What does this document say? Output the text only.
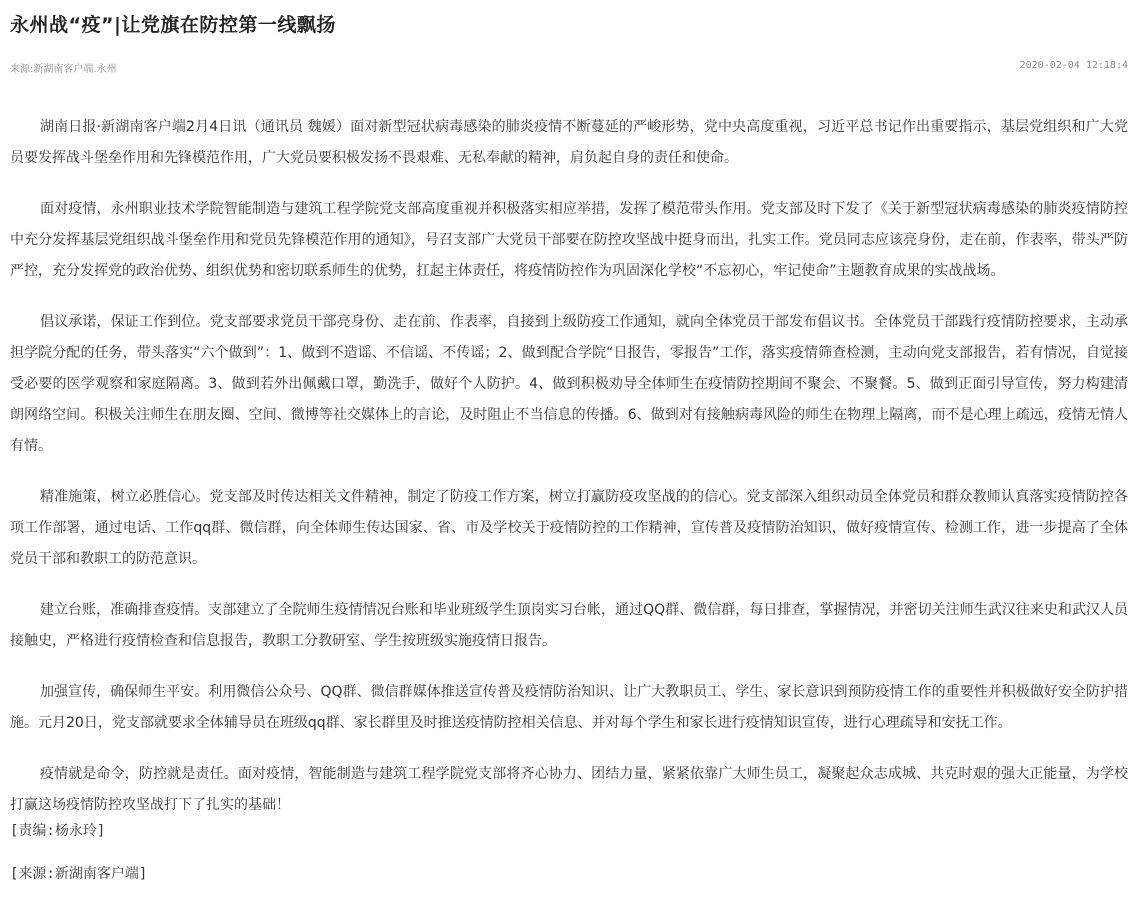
永州战“疫”|让党旗在防控第一线飘扬
来源:新湖南客户端.永州	2020-02-04 12:18:4

湖南日报·新湖南客户端2月4日讯（通讯员 魏媛）面对新型冠状病毒感染的肺炎疫情不断蔓延的严峻形势，党中央高度重视，习近平总书记作出重要指示，基层党组织和广大党员要发挥战斗堡垒作用和先锋模范作用，广大党员要积极发扬不畏艰难、无私奉献的精神，肩负起自身的责任和使命。

面对疫情，永州职业技术学院智能制造与建筑工程学院党支部高度重视并积极落实相应举措，发挥了模范带头作用。党支部及时下发了《关于新型冠状病毒感染的肺炎疫情防控中充分发挥基层党组织战斗堡垒作用和党员先锋模范作用的通知》，号召支部广大党员干部要在防控攻坚战中挺身而出，扎实工作。党员同志应该亮身份，走在前，作表率，带头严防严控，充分发挥党的政治优势、组织优势和密切联系师生的优势，扛起主体责任，将疫情防控作为巩固深化学校“不忘初心，牢记使命”主题教育成果的实战战场。

倡议承诺，保证工作到位。党支部要求党员干部亮身份、走在前、作表率，自接到上级防疫工作通知，就向全体党员干部发布倡议书。全体党员干部践行疫情防控要求，主动承担学院分配的任务，带头落实“六个做到”：1、做到不造谣、不信谣、不传谣；2、做到配合学院“日报告，零报告”工作，落实疫情筛查检测，主动向党支部报告，若有情况，自觉接受必要的医学观察和家庭隔离。3、做到若外出佩戴口罩，勤洗手，做好个人防护。4、做到积极劝导全体师生在疫情防控期间不聚会、不聚餐。5、做到正面引导宣传，努力构建清朗网络空间。积极关注师生在朋友圈、空间、微博等社交媒体上的言论，及时阻止不当信息的传播。6、做到对有接触病毒风险的师生在物理上隔离，而不是心理上疏远，疫情无情人有情。

精准施策，树立必胜信心。党支部及时传达相关文件精神，制定了防疫工作方案，树立打赢防疫攻坚战的的信心。党支部深入组织动员全体党员和群众教师认真落实疫情防控各项工作部署，通过电话、工作qq群、微信群，向全体师生传达国家、省、市及学校关于疫情防控的工作精神，宣传普及疫情防治知识，做好疫情宣传、检测工作，进一步提高了全体党员干部和教职工的防范意识。

建立台账，准确排查疫情。支部建立了全院师生疫情情况台账和毕业班级学生顶岗实习台帐，通过QQ群、微信群，每日排查，掌握情况，并密切关注师生武汉往来史和武汉人员接触史，严格进行疫情检查和信息报告，教职工分教研室、学生按班级实施疫情日报告。

加强宣传，确保师生平安。利用微信公众号、QQ群、微信群媒体推送宣传普及疫情防治知识、让广大教职员工、学生、家长意识到预防疫情工作的重要性并积极做好安全防护措施。元月20日，党支部就要求全体辅导员在班级qq群、家长群里及时推送疫情防控相关信息、并对每个学生和家长进行疫情知识宣传，进行心理疏导和安抚工作。

疫情就是命令，防控就是责任。面对疫情，智能制造与建筑工程学院党支部将齐心协力、团结力量，紧紧依靠广大师生员工，凝聚起众志成城、共克时艰的强大正能量，为学校打赢这场疫情防控攻坚战打下了扎实的基础！

[责编:杨永玲]
[来源:新湖南客户端]
